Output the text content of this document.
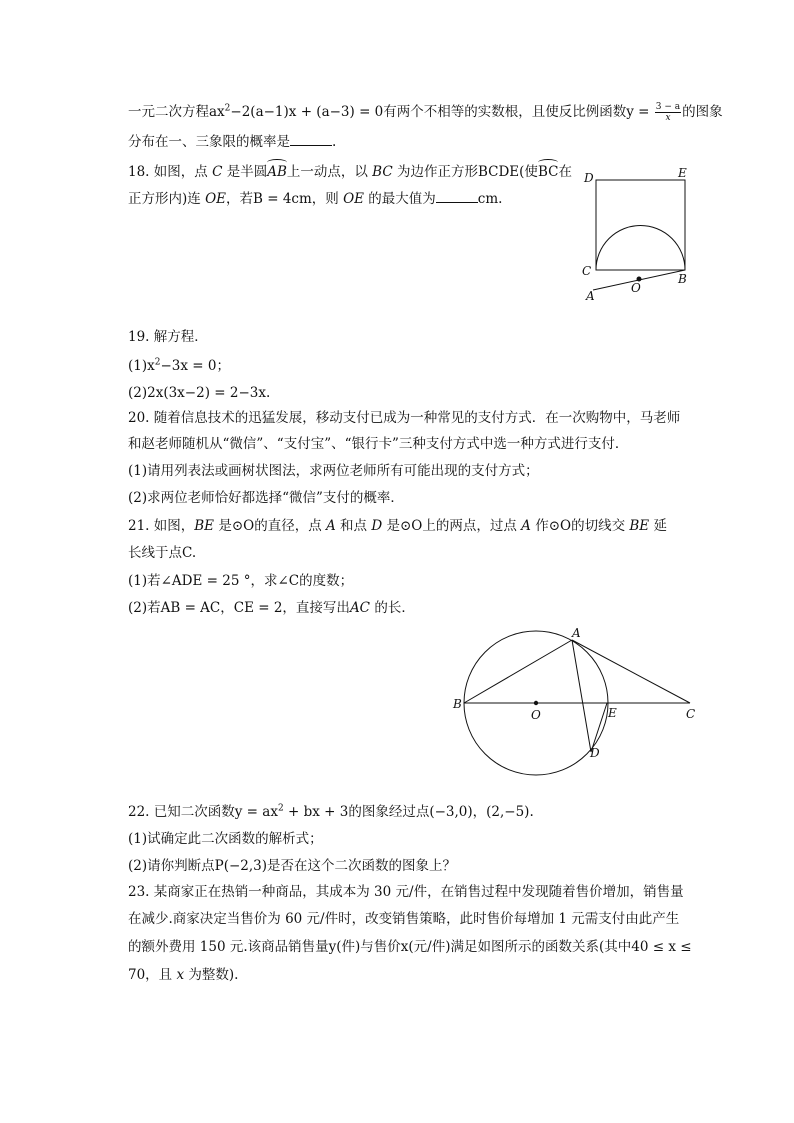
一元二次方程$ax^2-2(a-1)x + (a-3) = 0$有两个不相等的实数根，且使反比例函数$y = \frac{3 - a}{x}$ 的图象
分布在一、三象限的概率是	.
18. 如图，点 C 是半圆AB上一动点，以 BC 为边作正方形BCDE(使BC在
正方形内)连 OE，若B = 4cm，则 OE 的最大值为	cm.
D	E
C
B
O
A
19. 解方程．
$(1)x^2-3x = 0$；
(2)2x(3x−2) = 2−3x.
20. 随着信息技术的迅猛发展，移动支付已成为一种常见的支付方式．在一次购物中，马老师
和赵老师随机从“微信”、“支付宝”、“银行卡”三种支付方式中选一种方式进行支付．
(1)请用列表法或画树状图法，求两位老师所有可能出现的支付方式；
(2)求两位老师恰好都选择“微信”支付的概率．
21. 如图，BE 是⊙O的直径，点 A 和点 D 是⊙O上的两点，过点 A 作⊙O的切线交 BE 延
长线于点C.
(1)若∠ADE = 25 °，求∠C的度数；
(2)若AB = AC，CE = 2，直接写出AC 的长．
A
B
O	E	C
D
22. 已知二次函数$y = ax^2$ + bx + 3的图象经过点(−3,0)，(2,−5).
(1)试确定此二次函数的解析式；
(2)请你判断点P(−2,3)是否在这个二次函数的图象上？
23. 某商家正在热销一种商品，其成本为 30 元/件，在销售过程中发现随着售价增加，销售量
在减少.商家决定当售价为 60 元/件时，改变销售策略，此时售价每增加 1 元需支付由此产生
的额外费用 150 元.该商品销售量y(件)与售价x(元/件)满足如图所示的函数关系(其中40 ≤ x ≤
70，且 x 为整数).
